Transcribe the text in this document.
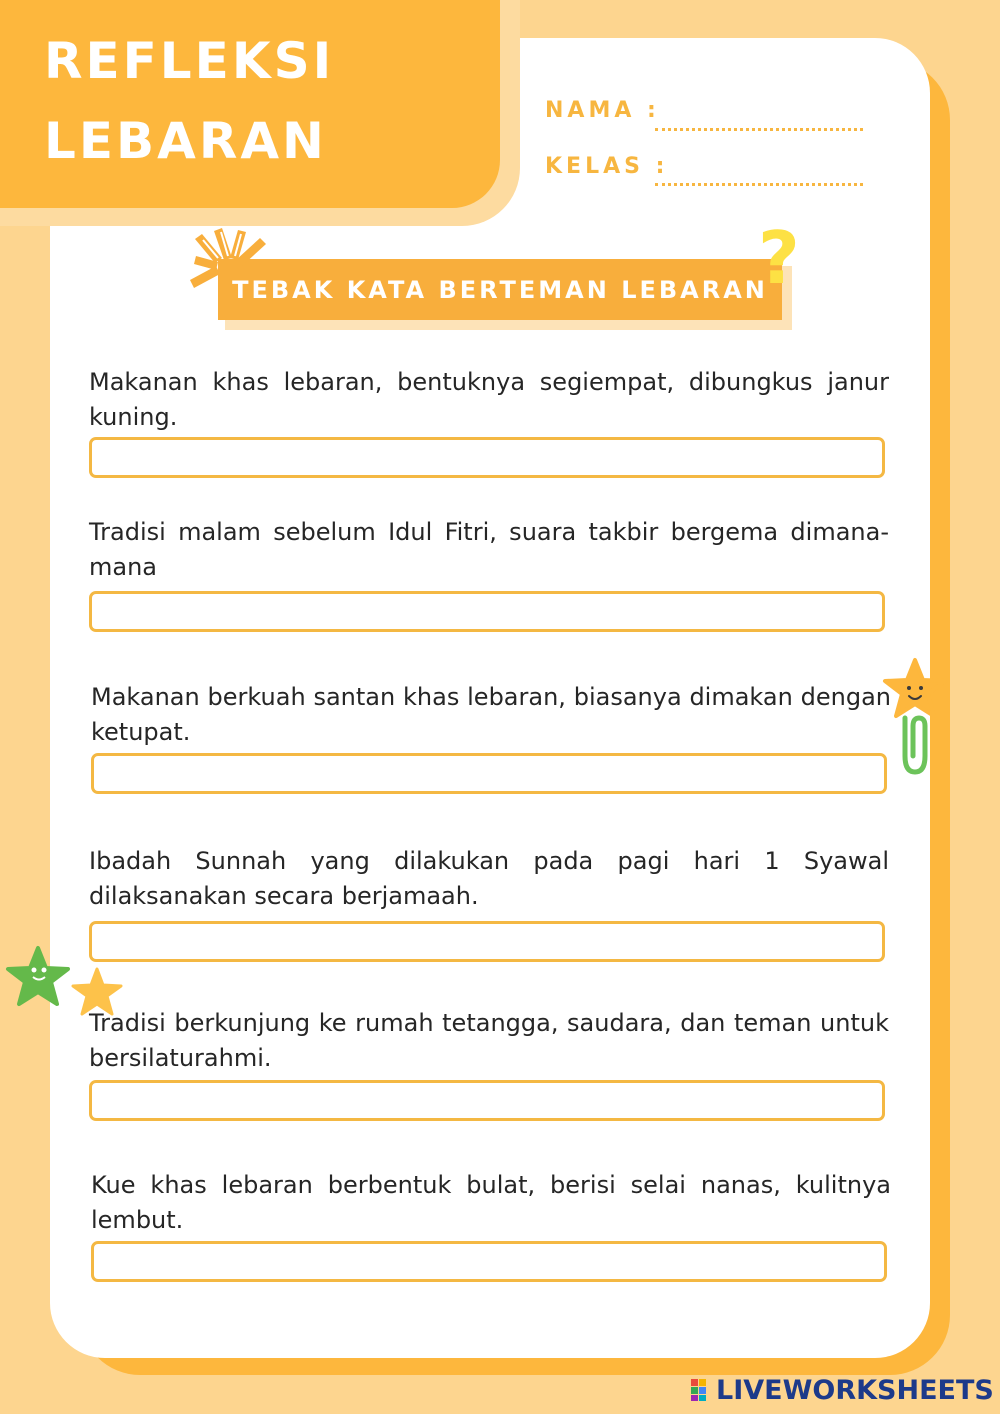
REFLEKSI
LEBARAN
NAMA :
KELAS :
TEBAK KATA BERTEMAN LEBARAN
?
Makanan khas lebaran, bentuknya segiempat, dibungkus janur kuning.
Tradisi malam sebelum Idul Fitri, suara takbir bergema dimana-mana
Makanan berkuah santan khas lebaran, biasanya dimakan dengan ketupat.
Ibadah Sunnah yang dilakukan pada pagi hari 1 Syawal dilaksanakan secara berjamaah.
Tradisi berkunjung ke rumah tetangga, saudara, dan teman untuk bersilaturahmi.
Kue khas lebaran berbentuk bulat, berisi selai nanas, kulitnya lembut.
LIVEWORKSHEETS
